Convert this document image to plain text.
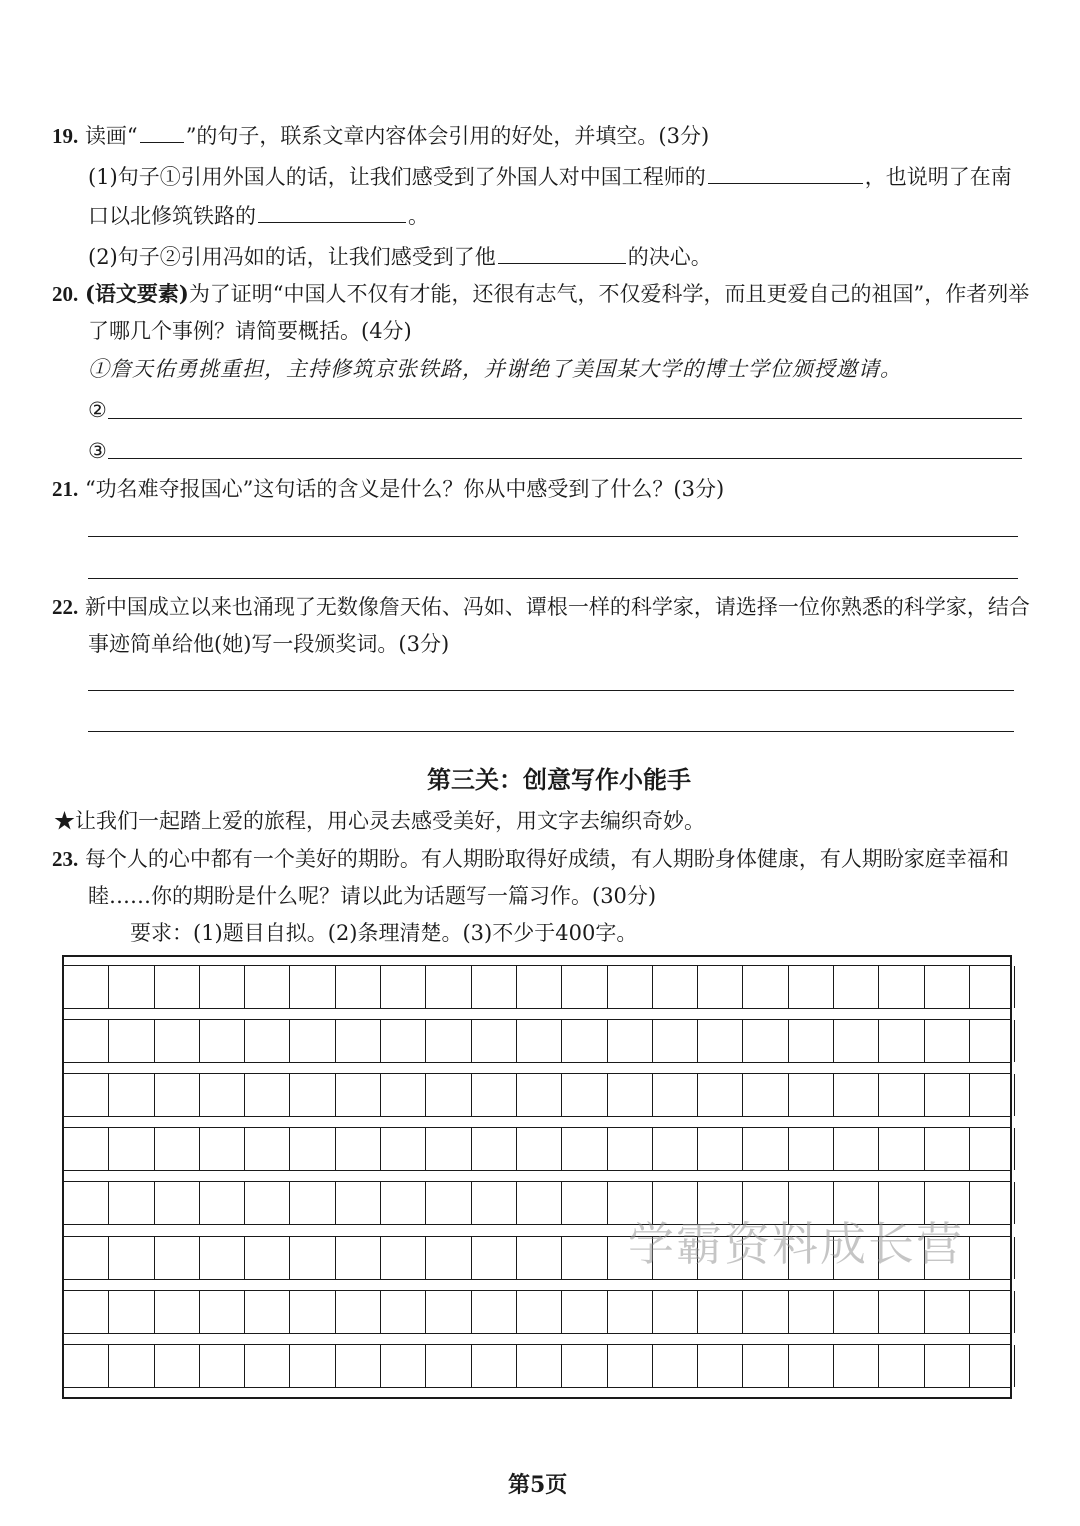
19. 读画“ ”的句子，联系文章内容体会引用的好处，并填空。(3分)
(1)句子①引用外国人的话，让我们感受到了外国人对中国工程师的	，也说明了在南
口以北修筑铁路的	。
(2)句子②引用冯如的话，让我们感受到了他	的决心。
20. (语文要素)为了证明“中国人不仅有才能，还很有志气，不仅爱科学，而且更爱自己的祖国”，作者列举
了哪几个事例？请简要概括。(4分)
①詹天佑勇挑重担，主持修筑京张铁路，并谢绝了美国某大学的博士学位颁授邀请。
②
③
21. “功名难夺报国心”这句话的含义是什么？你从中感受到了什么？(3分)
22. 新中国成立以来也涌现了无数像詹天佑、冯如、谭根一样的科学家，请选择一位你熟悉的科学家，结合
事迹简单给他(她)写一段颁奖词。(3分)
第三关：创意写作小能手
★让我们一起踏上爱的旅程，用心灵去感受美好，用文字去编织奇妙。
23. 每个人的心中都有一个美好的期盼。有人期盼取得好成绩，有人期盼身体健康，有人期盼家庭幸福和
睦……你的期盼是什么呢？请以此为话题写一篇习作。(30分)
要求：(1)题目自拟。(2)条理清楚。(3)不少于400字。
学霸资料成长营
第5页
